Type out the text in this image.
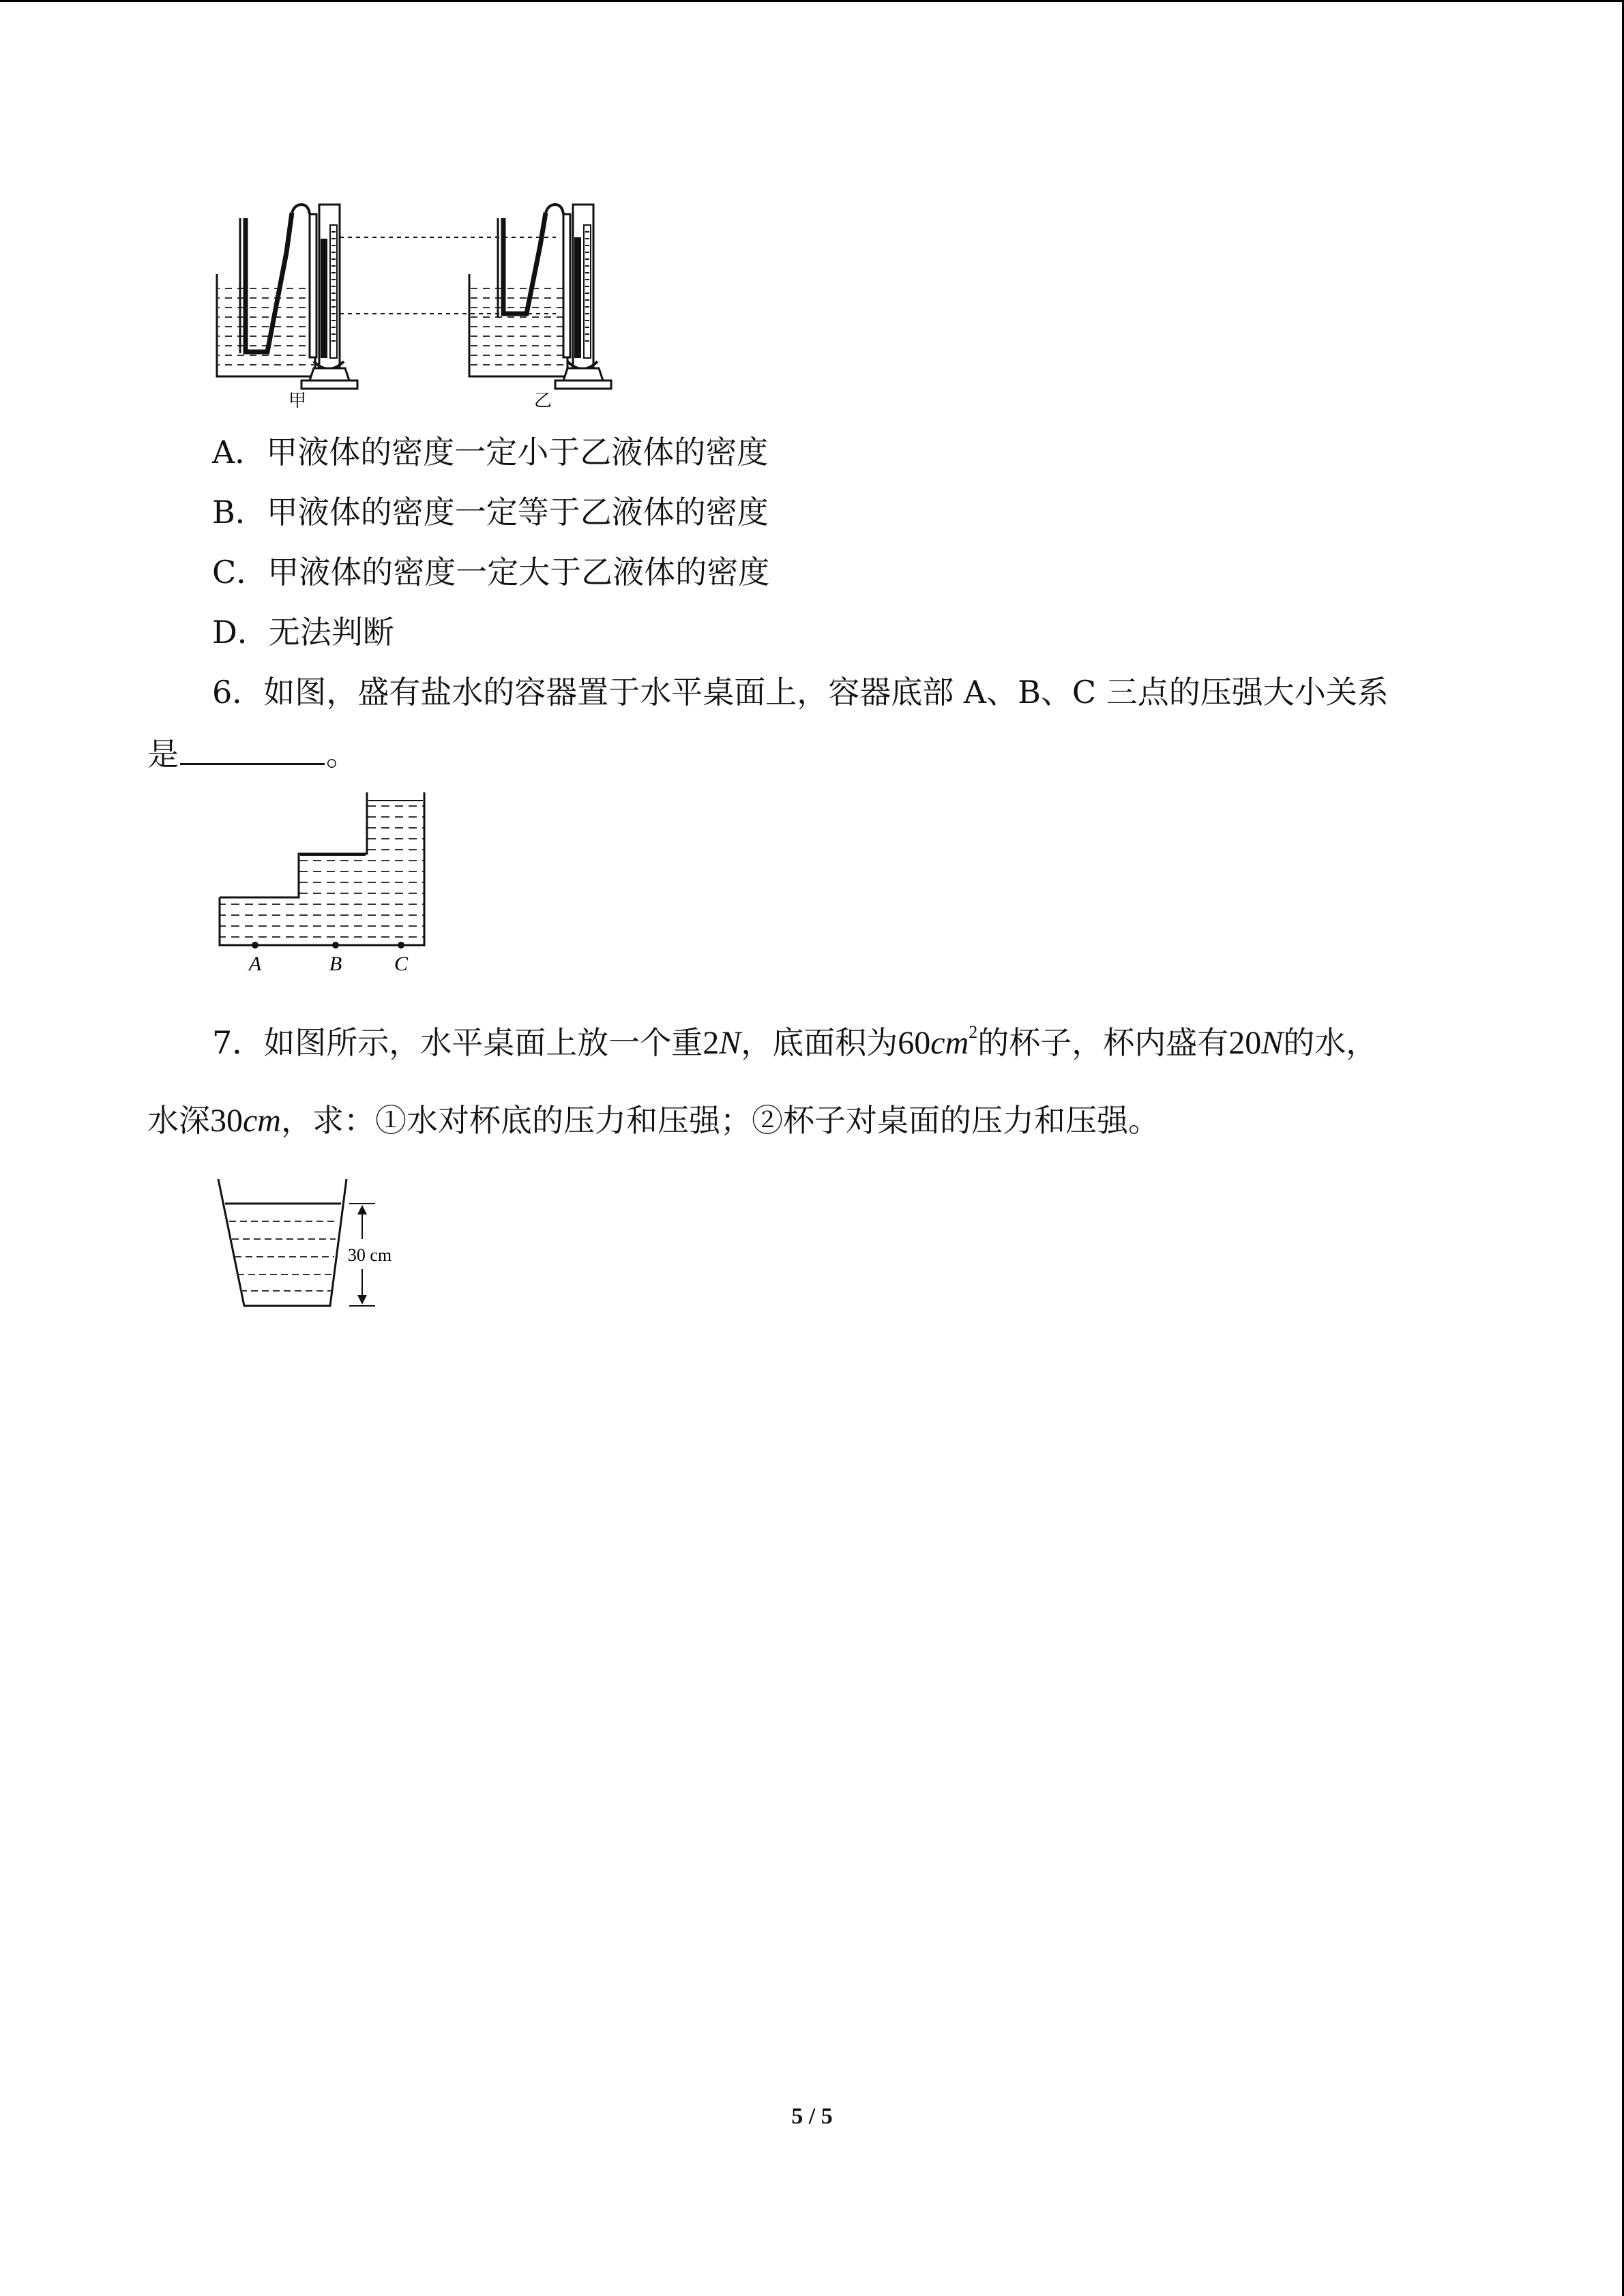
甲	乙
A．甲液体的密度一定小于乙液体的密度
B．甲液体的密度一定等于乙液体的密度
C．甲液体的密度一定大于乙液体的密度
D．无法判断
6．如图，盛有盐水的容器置于水平桌面上，容器底部 A、B、C 三点的压强大小关系
是	。
A	B	C
7．如图所示，水平桌面上放一个重2N，底面积为$60cm^2$的杯子，杯内盛有20N的水，
水深30cm，求：①水对杯底的压力和压强；②杯子对桌面的压力和压强。
30 cm
5 / 5
